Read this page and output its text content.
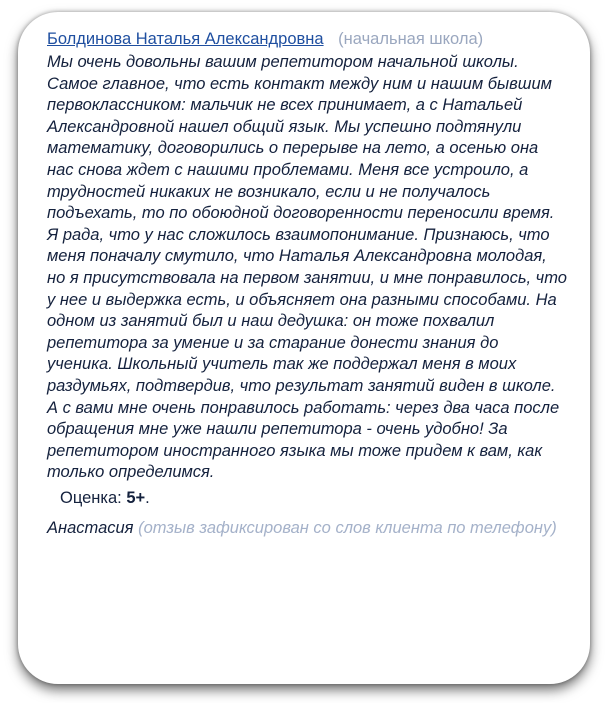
Болдинова Наталья Александровна (начальная школа)

Мы очень довольны вашим репетитором начальной школы. Самое главное, что есть контакт между ним и нашим бывшим первоклассником: мальчик не всех принимает, а с Натальей Александровной нашел общий язык. Мы успешно подтянули математику, договорились о перерыве на лето, а осенью она нас снова ждет с нашими проблемами. Меня все устроило, а трудностей никаких не возникало, если и не получалось подъехать, то по обоюдной договоренности переносили время. Я рада, что у нас сложилось взаимопонимание. Признаюсь, что меня поначалу смутило, что Наталья Александровна молодая, но я присутствовала на первом занятии, и мне понравилось, что у нее и выдержка есть, и объясняет она разными способами. На одном из занятий был и наш дедушка: он тоже похвалил репетитора за умение и за старание донести знания до ученика. Школьный учитель так же поддержал меня в моих раздумьях, подтвердив, что результат занятий виден в школе. А с вами мне очень понравилось работать: через два часа после обращения мне уже нашли репетитора - очень удобно! За репетитором иностранного языка мы тоже придем к вам, как только определимся.

Оценка: 5+.
Анастасия (отзыв зафиксирован со слов клиента по телефону)
